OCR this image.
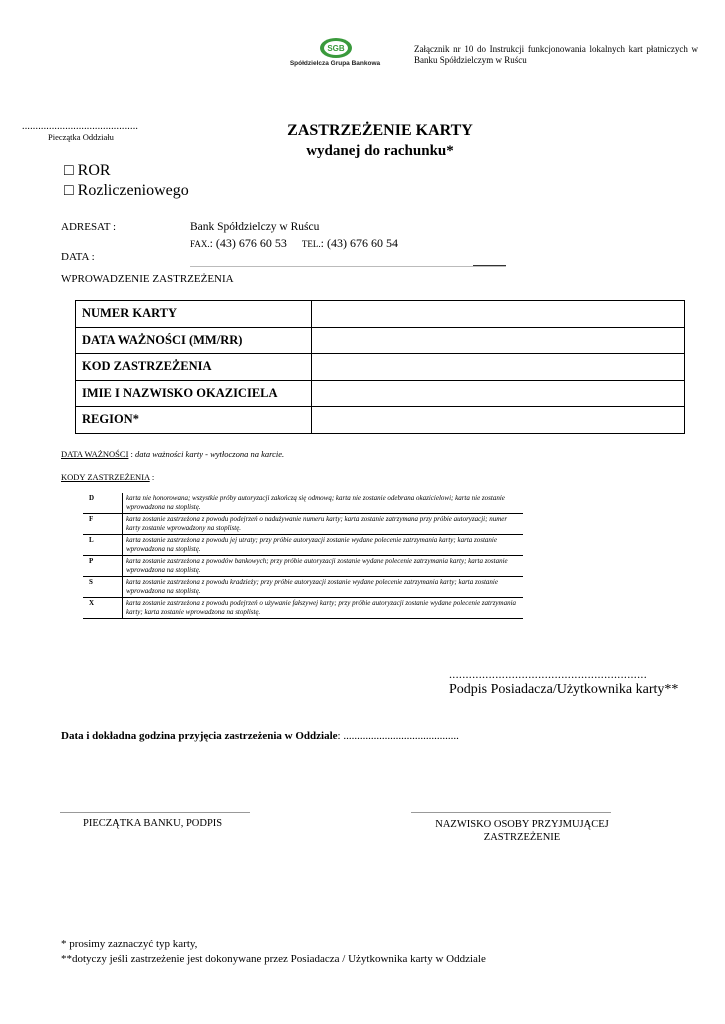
SGB
Spółdzielcza Grupa Bankowa
Załącznik nr 10 do Instrukcji funkcjonowania lokalnych kart płatniczych w Banku Spółdzielczym w Ruścu
...........................................
Pieczątka Oddziału	ZASTRZEŻENIE KARTY
wydanej do rachunku*
□ ROR
□ Rozliczeniowego
ADRESAT :	Bank Spółdzielczy w Ruścu
FAX.: (43) 676 60 53 TEL.: (43) 676 60 54
DATA :
WPROWADZENIE ZASTRZEŻENIA
NUMER KARTY	
DATA WAŻNOŚCI (MM/RR)	
KOD ZASTRZEŻENIA	
IMIE I NAZWISKO OKAZICIELA	
REGION*	
DATA WAŻNOŚCI : data ważności karty - wytłoczona na karcie.
KODY ZASTRZEŻENIA :
D	karta nie honorowana; wszystkie próby autoryzacji zakończą się odmową; karta nie zostanie odebrana okazicielowi; karta nie zostanie wprowadzona na stoplistę.
F	karta zostanie zastrzeżona z powodu podejrzeń o nadużywanie numeru karty; karta zostanie zatrzymana przy próbie autoryzacji; numer karty zostanie wprowadzony na stoplistę.
L	karta zostanie zastrzeżona z powodu jej utraty; przy próbie autoryzacji zostanie wydane polecenie zatrzymania karty; karta zostanie wprowadzona na stoplistę.
P	karta zostanie zastrzeżona z powodów bankowych; przy próbie autoryzacji zostanie wydane polecenie zatrzymania karty; karta zostanie wprowadzona na stoplistę.
S	karta zostanie zastrzeżona z powodu kradzieży; przy próbie autoryzacji zostanie wydane polecenie zatrzymania karty; karta zostanie wprowadzona na stoplistę.
X	karta zostanie zastrzeżona z powodu podejrzeń o używanie fałszywej karty; przy próbie autoryzacji zostanie wydane polecenie zatrzymania karty; karta zostanie wprowadzona na stoplistę.
............................................................
Podpis Posiadacza/Użytkownika karty**
Data i dokładna godzina przyjęcia zastrzeżenia w Oddziale: ..........................................
PIECZĄTKA BANKU, PODPIS	NAZWISKO OSOBY PRZYJMUJĄCEJ
ZASTRZEŻENIE
* prosimy zaznaczyć typ karty,
**dotyczy jeśli zastrzeżenie jest dokonywane przez Posiadacza / Użytkownika karty w Oddziale
